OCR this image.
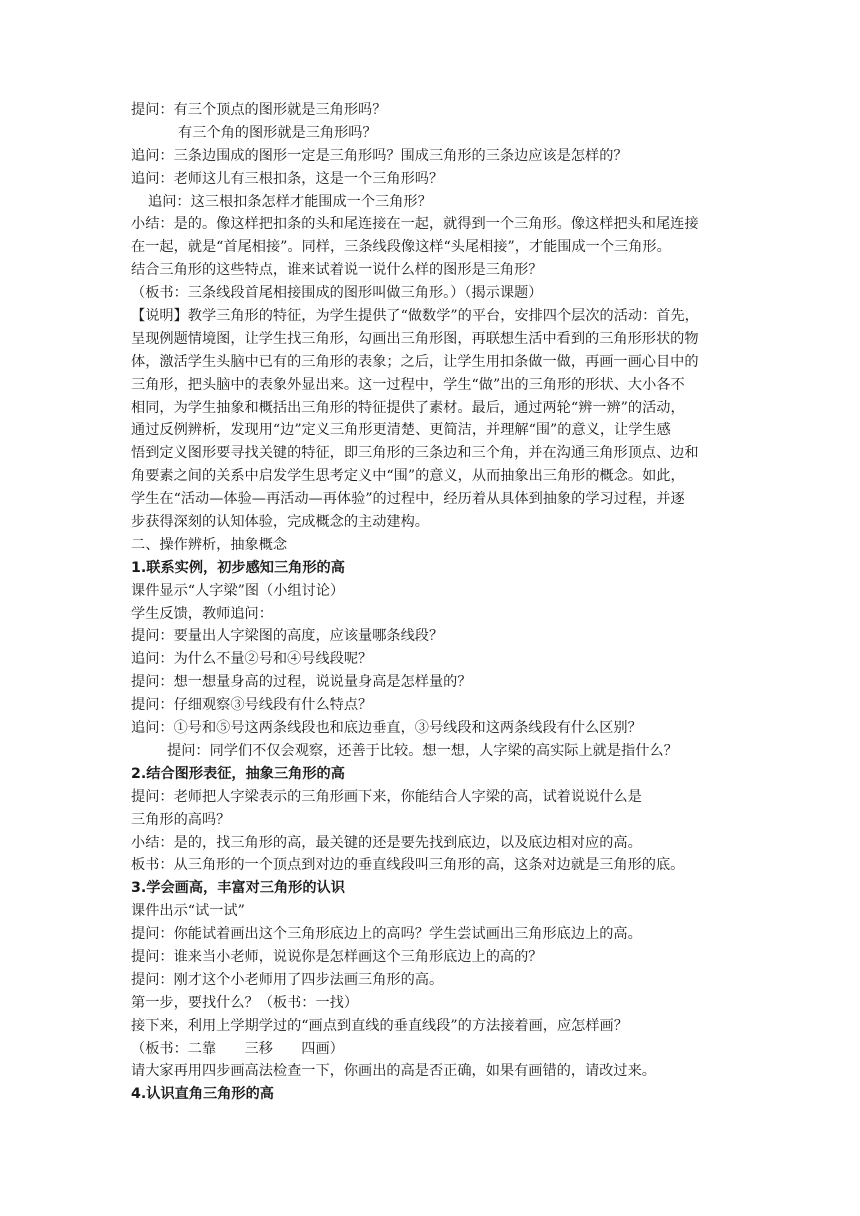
提问：有三个顶点的图形就是三角形吗？
有三个角的图形就是三角形吗？
追问：三条边围成的图形一定是三角形吗？围成三角形的三条边应该是怎样的？
追问：老师这儿有三根扣条，这是一个三角形吗？
追问：这三根扣条怎样才能围成一个三角形？
小结：是的。像这样把扣条的头和尾连接在一起，就得到一个三角形。像这样把头和尾连接
在一起，就是“首尾相接”。同样，三条线段像这样“头尾相接”，才能围成一个三角形。
结合三角形的这些特点，谁来试着说一说什么样的图形是三角形？
（板书：三条线段首尾相接围成的图形叫做三角形。）（揭示课题）
【说明】教学三角形的特征，为学生提供了“做数学”的平台，安排四个层次的活动：首先，
呈现例题情境图，让学生找三角形，勾画出三角形图，再联想生活中看到的三角形形状的物
体，激活学生头脑中已有的三角形的表象；之后，让学生用扣条做一做，再画一画心目中的
三角形，把头脑中的表象外显出来。这一过程中，学生“做”出的三角形的形状、大小各不
相同，为学生抽象和概括出三角形的特征提供了素材。最后，通过两轮“辨一辨”的活动，
通过反例辨析，发现用“边”定义三角形更清楚、更简洁，并理解“围”的意义，让学生感
悟到定义图形要寻找关键的特征，即三角形的三条边和三个角，并在沟通三角形顶点、边和
角要素之间的关系中启发学生思考定义中“围”的意义，从而抽象出三角形的概念。如此，
学生在“活动—体验—再活动—再体验”的过程中，经历着从具体到抽象的学习过程，并逐
步获得深刻的认知体验，完成概念的主动建构。
二、操作辨析，抽象概念
1.联系实例，初步感知三角形的高
课件显示“人字梁”图（小组讨论）
学生反馈，教师追问：
提问：要量出人字梁图的高度，应该量哪条线段？
追问：为什么不量②号和④号线段呢？
提问：想一想量身高的过程，说说量身高是怎样量的？
提问：仔细观察③号线段有什么特点？
追问：①号和⑤号这两条线段也和底边垂直，③号线段和这两条线段有什么区别？
提问：同学们不仅会观察，还善于比较。想一想，人字梁的高实际上就是指什么？
2.结合图形表征，抽象三角形的高
提问：老师把人字梁表示的三角形画下来，你能结合人字梁的高，试着说说什么是
三角形的高吗？
小结：是的，找三角形的高，最关键的还是要先找到底边，以及底边相对应的高。
板书：从三角形的一个顶点到对边的垂直线段叫三角形的高，这条对边就是三角形的底。
3.学会画高，丰富对三角形的认识
课件出示“试一试”
提问：你能试着画出这个三角形底边上的高吗？学生尝试画出三角形底边上的高。
提问：谁来当小老师，说说你是怎样画这个三角形底边上的高的？
提问：刚才这个小老师用了四步法画三角形的高。
第一步，要找什么？（板书：一找）
接下来，利用上学期学过的“画点到直线的垂直线段”的方法接着画，应怎样画？
（板书：二靠　　三移　　四画）
请大家再用四步画高法检查一下，你画出的高是否正确，如果有画错的，请改过来。
4.认识直角三角形的高
